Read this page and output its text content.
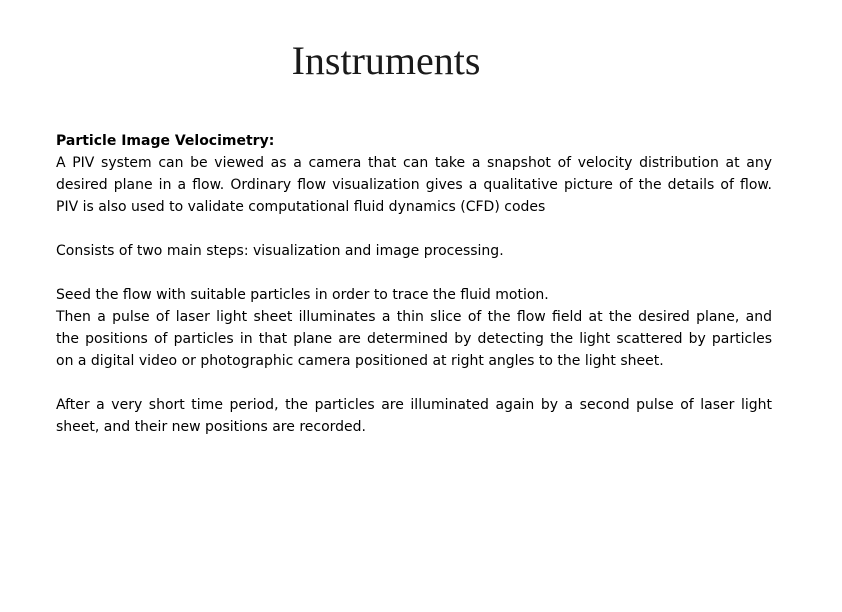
Instruments
Particle Image Velocimetry:
A PIV system can be viewed as a camera that can take a snapshot of velocity distribution at any
desired plane in a flow. Ordinary flow visualization gives a qualitative picture of the details of flow.
PIV is also used to validate computational fluid dynamics (CFD) codes
Consists of two main steps: visualization and image processing.
Seed the flow with suitable particles in order to trace the fluid motion.
Then a pulse of laser light sheet illuminates a thin slice of the flow field at the desired plane, and
the positions of particles in that plane are determined by detecting the light scattered by particles
on a digital video or photographic camera positioned at right angles to the light sheet.
After a very short time period, the particles are illuminated again by a second pulse of laser light
sheet, and their new positions are recorded.
